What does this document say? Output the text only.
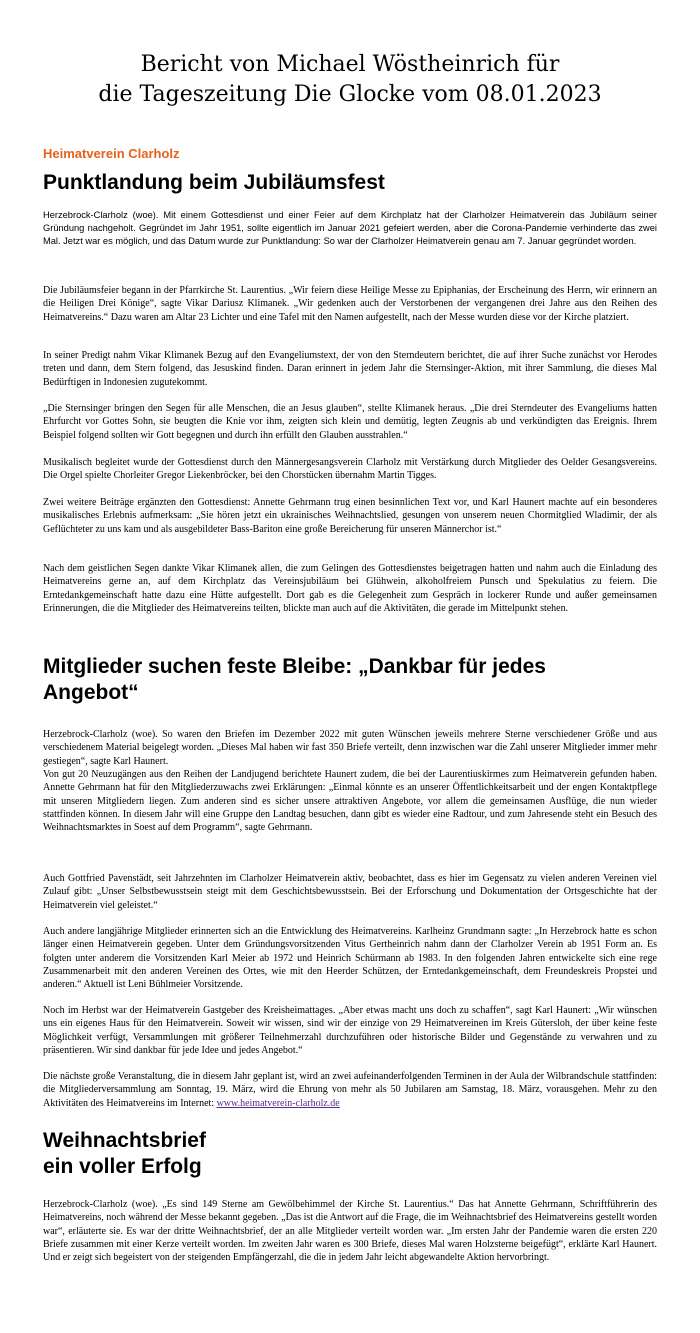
Bericht von Michael Wöstheinrich für
die Tageszeitung Die Glocke vom 08.01.2023
Heimatverein Clarholz
Punktlandung beim Jubiläumsfest

Herzebrock-Clarholz (woe). Mit einem Gottesdienst und einer Feier auf dem Kirchplatz hat der Clarholzer Heimatverein das Jubiläum seiner Gründung nachgeholt. Gegründet im Jahr 1951, sollte eigentlich im Januar 2021 gefeiert werden, aber die Corona-Pandemie verhinderte das zwei Mal. Jetzt war es möglich, und das Datum wurde zur Punktlandung: So war der Clarholzer Heimatverein genau am 7. Januar gegründet worden.

Die Jubiläumsfeier begann in der Pfarrkirche St. Laurentius. „Wir feiern diese Heilige Messe zu Epiphanias, der Erscheinung des Herrn, wir erinnern an die Heiligen Drei Könige“, sagte Vikar Dariusz Klimanek. „Wir gedenken auch der Verstorbenen der vergangenen drei Jahre aus den Reihen des Heimatvereins.“ Dazu waren am Altar 23 Lichter und eine Tafel mit den Namen aufgestellt, nach der Messe wurden diese vor der Kirche platziert.

In seiner Predigt nahm Vikar Klimanek Bezug auf den Evangeliumstext, der von den Sterndeutern berichtet, die auf ihrer Suche zunächst vor Herodes treten und dann, dem Stern folgend, das Jesuskind finden. Daran erinnert in jedem Jahr die Sternsinger-Aktion, mit ihrer Sammlung, die dieses Mal Bedürftigen in Indonesien zugutekommt.

„Die Sternsinger bringen den Segen für alle Menschen, die an Jesus glauben“, stellte Klimanek heraus. „Die drei Sterndeuter des Evangeliums hatten Ehrfurcht vor Gottes Sohn, sie beugten die Knie vor ihm, zeigten sich klein und demütig, legten Zeugnis ab und verkündigten das Ereignis. Ihrem Beispiel folgend sollten wir Gott begegnen und durch ihn erfüllt den Glauben ausstrahlen.“

Musikalisch begleitet wurde der Gottesdienst durch den Männergesangsverein Clarholz mit Verstärkung durch Mitglieder des Oelder Gesangsvereins. Die Orgel spielte Chorleiter Gregor Liekenbröcker, bei den Chorstücken übernahm Martin Tigges.

Zwei weitere Beiträge ergänzten den Gottesdienst: Annette Gehrmann trug einen besinnlichen Text vor, und Karl Haunert machte auf ein besonderes musikalisches Erlebnis aufmerksam: „Sie hören jetzt ein ukrainisches Weihnachtslied, gesungen von unserem neuen Chormitglied Wladimir, der als Geflüchteter zu uns kam und als ausgebildeter Bass-Bariton eine große Bereicherung für unseren Männerchor ist.“

Nach dem geistlichen Segen dankte Vikar Klimanek allen, die zum Gelingen des Gottesdienstes beigetragen hatten und nahm auch die Einladung des Heimatvereins gerne an, auf dem Kirchplatz das Vereinsjubiläum bei Glühwein, alkoholfreiem Punsch und Spekulatius zu feiern. Die Erntedankgemeinschaft hatte dazu eine Hütte aufgestellt. Dort gab es die Gelegenheit zum Gespräch in lockerer Runde und außer gemeinsamen Erinnerungen, die die Mitglieder des Heimatvereins teilten, blickte man auch auf die Aktivitäten, die gerade im Mittelpunkt stehen.

Mitglieder suchen feste Bleibe: „Dankbar für jedes
Angebot“

Herzebrock-Clarholz (woe). So waren den Briefen im Dezember 2022 mit guten Wünschen jeweils mehrere Sterne verschiedener Größe und aus verschiedenem Material beigelegt worden. „Dieses Mal haben wir fast 350 Briefe verteilt, denn inzwischen war die Zahl unserer Mitglieder immer mehr gestiegen“, sagte Karl Haunert.

Von gut 20 Neuzugängen aus den Reihen der Landjugend berichtete Haunert zudem, die bei der Laurentiuskirmes zum Heimatverein gefunden haben. Annette Gehrmann hat für den Mitgliederzuwachs zwei Erklärungen: „Einmal könnte es an unserer Öffentlichkeitsarbeit und der engen Kontaktpflege mit unseren Mitgliedern liegen. Zum anderen sind es sicher unsere attraktiven Angebote, vor allem die gemeinsamen Ausflüge, die nun wieder stattfinden können. In diesem Jahr will eine Gruppe den Landtag besuchen, dann gibt es wieder eine Radtour, und zum Jahresende steht ein Besuch des Weihnachtsmarktes in Soest auf dem Programm“, sagte Gehrmann.

Auch Gottfried Pavenstädt, seit Jahrzehnten im Clarholzer Heimatverein aktiv, beobachtet, dass es hier im Gegensatz zu vielen anderen Vereinen viel Zulauf gibt: „Unser Selbstbewusstsein steigt mit dem Geschichtsbewusstsein. Bei der Erforschung und Dokumentation der Ortsgeschichte hat der Heimatverein viel geleistet.“

Auch andere langjährige Mitglieder erinnerten sich an die Entwicklung des Heimatvereins. Karlheinz Grundmann sagte: „In Herzebrock hatte es schon länger einen Heimatverein gegeben. Unter dem Gründungsvorsitzenden Vitus Gertheinrich nahm dann der Clarholzer Verein ab 1951 Form an. Es folgten unter anderem die Vorsitzenden Karl Meier ab 1972 und Heinrich Schürmann ab 1983. In den folgenden Jahren entwickelte sich eine rege Zusammenarbeit mit den anderen Vereinen des Ortes, wie mit den Heerder Schützen, der Erntedankgemeinschaft, dem Freundeskreis Propstei und anderen.“ Aktuell ist Leni Bühlmeier Vorsitzende.

Noch im Herbst war der Heimatverein Gastgeber des Kreisheimattages. „Aber etwas macht uns doch zu schaffen“, sagt Karl Haunert: „Wir wünschen uns ein eigenes Haus für den Heimatverein. Soweit wir wissen, sind wir der einzige von 29 Heimatvereinen im Kreis Gütersloh, der über keine feste Möglichkeit verfügt, Versammlungen mit größerer Teilnehmerzahl durchzuführen oder historische Bilder und Gegenstände zu verwahren und zu präsentieren. Wir sind dankbar für jede Idee und jedes Angebot.“

Die nächste große Veranstaltung, die in diesem Jahr geplant ist, wird an zwei aufeinanderfolgenden Terminen in der Aula der Wilbrandschule stattfinden: die Mitgliederversammlung am Sonntag, 19. März, wird die Ehrung von mehr als 50 Jubilaren am Samstag, 18. März, vorausgehen. Mehr zu den Aktivitäten des Heimatvereins im Internet: www.heimatverein-clarholz.de

Weihnachtsbrief
ein voller Erfolg

Herzebrock-Clarholz (woe). „Es sind 149 Sterne am Gewölbehimmel der Kirche St. Laurentius.“ Das hat Annette Gehrmann, Schriftführerin des Heimatvereins, noch während der Messe bekannt gegeben. „Das ist die Antwort auf die Frage, die im Weihnachtsbrief des Heimatvereins gestellt worden war“, erläuterte sie. Es war der dritte Weihnachtsbrief, der an alle Mitglieder verteilt worden war. „Im ersten Jahr der Pandemie waren die ersten 220 Briefe zusammen mit einer Kerze verteilt worden. Im zweiten Jahr waren es 300 Briefe, dieses Mal waren Holzsterne beigefügt“, erklärte Karl Haunert. Und er zeigt sich begeistert von der steigenden Empfängerzahl, die die in jedem Jahr leicht abgewandelte Aktion hervorbringt.
